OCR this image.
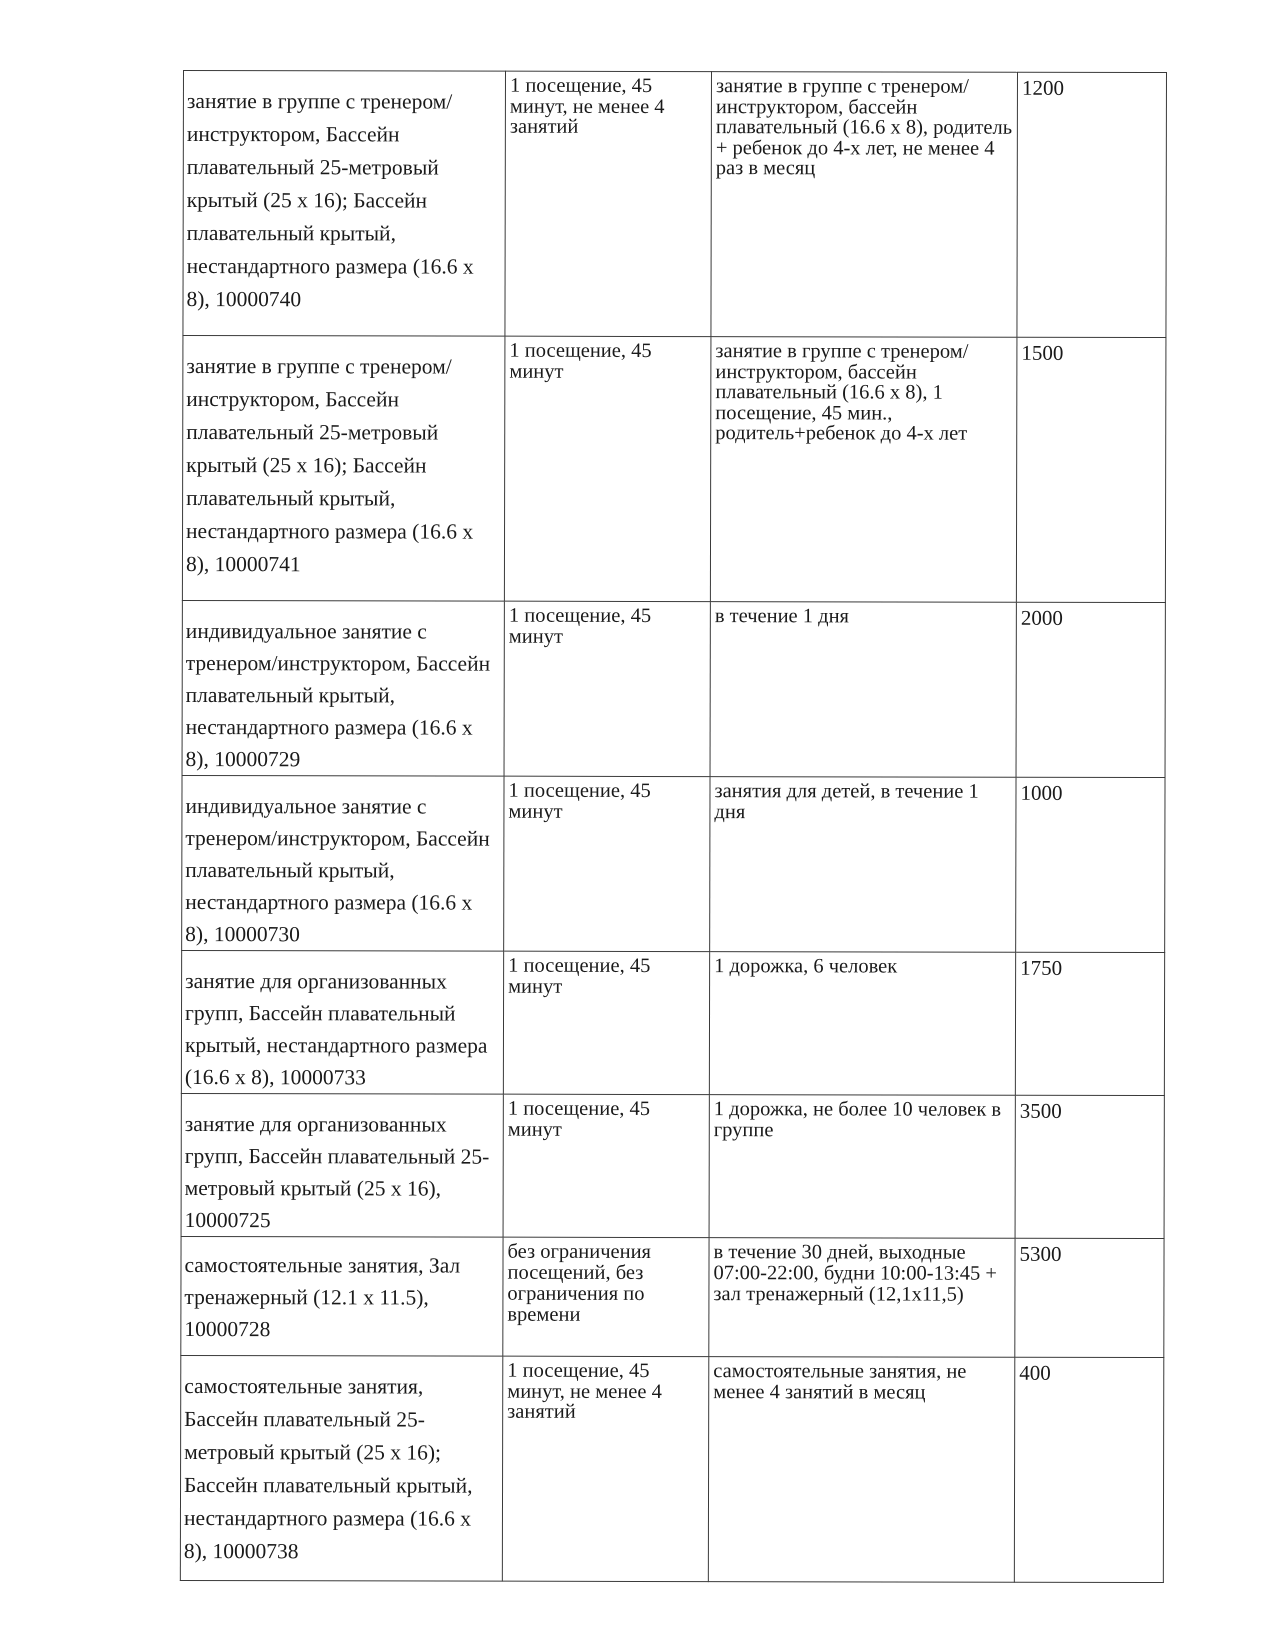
занятие в группе с тренером/инструктором, Бассейн плавательный 25-метровый крытый (25 х 16); Бассейн плавательный крытый, нестандартного размера (16.6 х 8), 10000740	1 посещение, 45 минут, не менее 4 занятий	занятие в группе с тренером/инструктором, бассейн плавательный (16.6 х 8), родитель + ребенок до 4-х лет, не менее 4 раз в месяц	1200

занятие в группе с тренером/инструктором, Бассейн плавательный 25-метровый крытый (25 х 16); Бассейн плавательный крытый, нестандартного размера (16.6 х 8), 10000741	1 посещение, 45 минут	занятие в группе с тренером/инструктором, бассейн плавательный (16.6 х 8), 1 посещение, 45 мин., родитель+ребенок до 4-х лет	1500

индивидуальное занятие с тренером/инструктором, Бассейн плавательный крытый, нестандартного размера (16.6 х 8), 10000729	1 посещение, 45 минут	в течение 1 дня	2000

индивидуальное занятие с тренером/инструктором, Бассейн плавательный крытый, нестандартного размера (16.6 х 8), 10000730	1 посещение, 45 минут	занятия для детей, в течение 1 дня	1000

занятие для организованных групп, Бассейн плавательный крытый, нестандартного размера (16.6 х 8), 10000733	1 посещение, 45 минут	1 дорожка, 6 человек	1750

занятие для организованных групп, Бассейн плавательный 25-метровый крытый (25 х 16), 10000725	1 посещение, 45 минут	1 дорожка, не более 10 человек в группе	3500

самостоятельные занятия, Зал тренажерный (12.1 х 11.5), 10000728	без ограничения посещений, без ограничения по времени	в течение 30 дней, выходные 07:00-22:00, будни 10:00-13:45 + зал тренажерный (12,1х11,5)	5300

самостоятельные занятия, Бассейн плавательный 25-метровый крытый (25 х 16); Бассейн плавательный крытый, нестандартного размера (16.6 х 8), 10000738	1 посещение, 45 минут, не менее 4 занятий	самостоятельные занятия, не менее 4 занятий в месяц	400
